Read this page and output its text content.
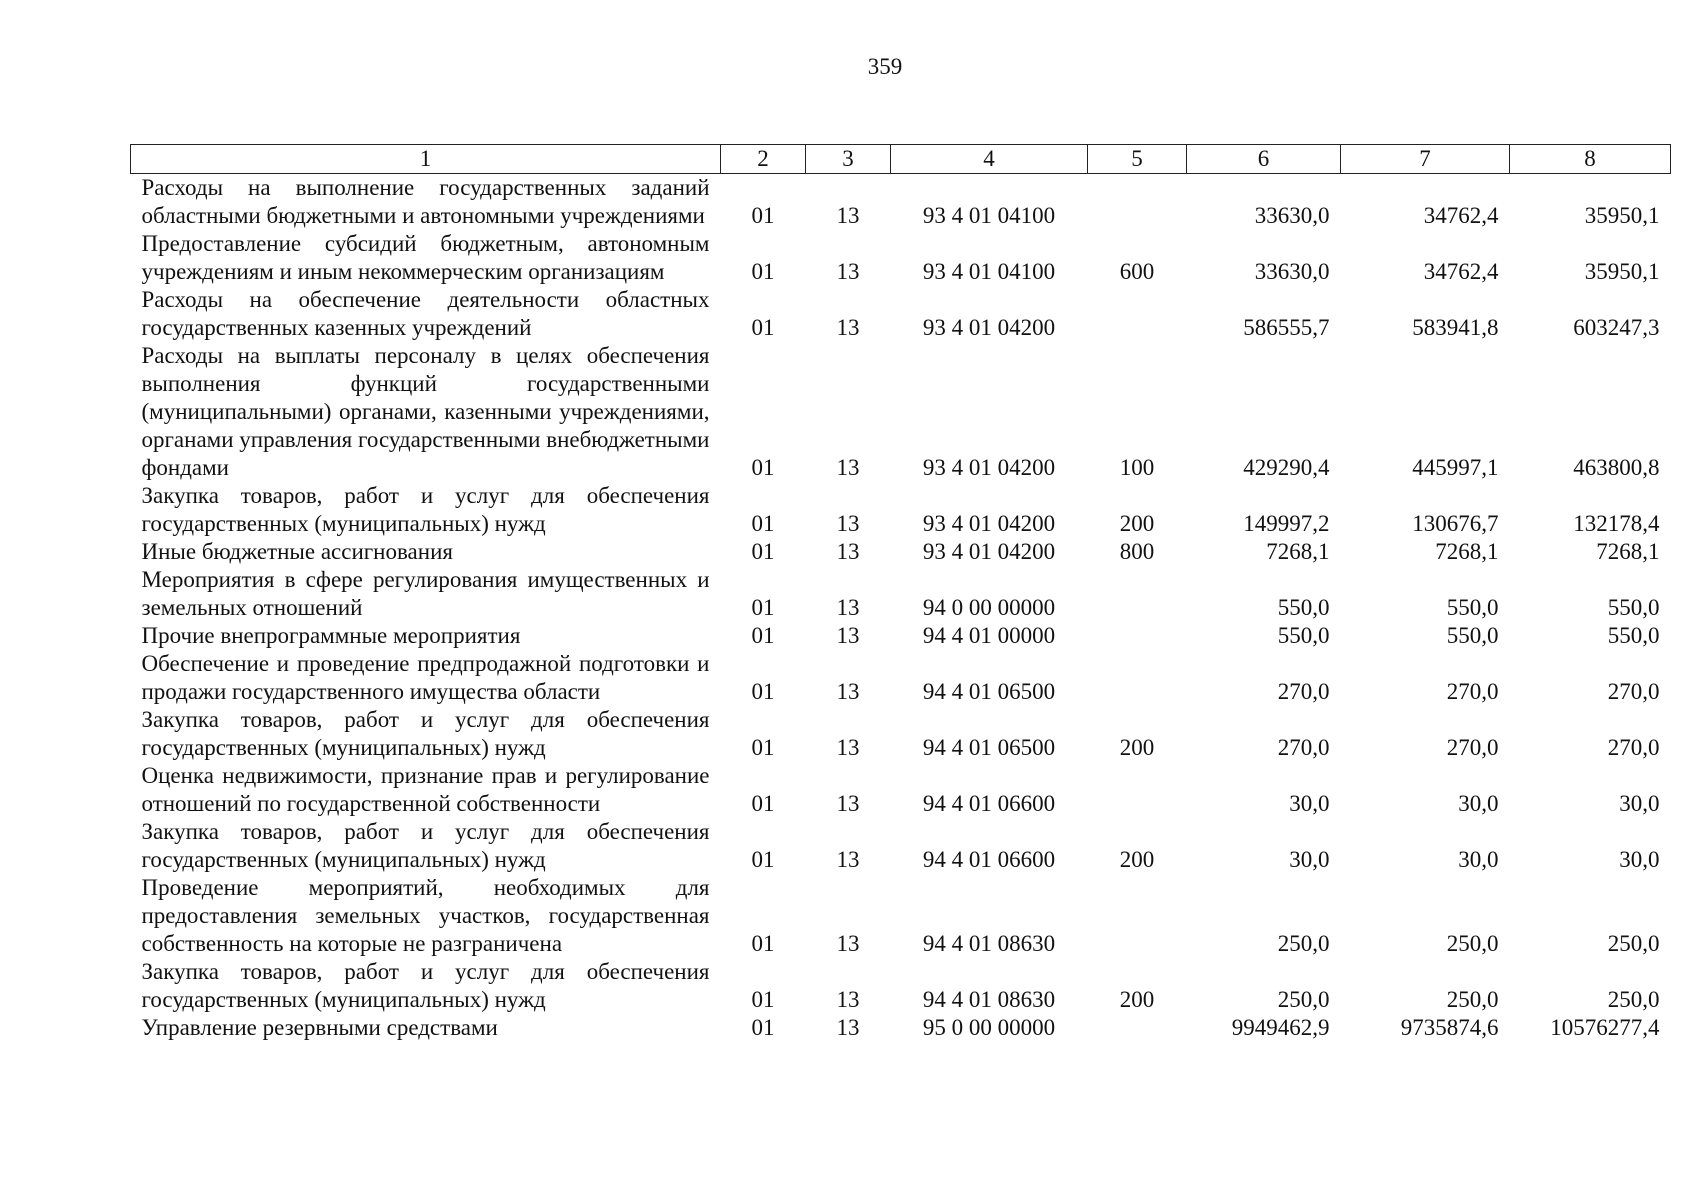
359
1	2	3	4	5	6	7	8
Расходы на выполнение государственных заданий областными бюджетными и автономными учреждениями	01	13	93 4 01 04100		33630,0	34762,4	35950,1
Предоставление субсидий бюджетным, автономным учреждениям и иным некоммерческим организациям	01	13	93 4 01 04100	600	33630,0	34762,4	35950,1
Расходы на обеспечение деятельности областных государственных казенных учреждений	01	13	93 4 01 04200		586555,7	583941,8	603247,3
Расходы на выплаты персоналу в целях обеспечения выполнения функций государственными (муниципальными) органами, казенными учреждениями, органами управления государственными внебюджетными фондами	01	13	93 4 01 04200	100	429290,4	445997,1	463800,8
Закупка товаров, работ и услуг для обеспечения государственных (муниципальных) нужд	01	13	93 4 01 04200	200	149997,2	130676,7	132178,4
Иные бюджетные ассигнования	01	13	93 4 01 04200	800	7268,1	7268,1	7268,1
Мероприятия в сфере регулирования имущественных и земельных отношений	01	13	94 0 00 00000		550,0	550,0	550,0
Прочие внепрограммные мероприятия	01	13	94 4 01 00000		550,0	550,0	550,0
Обеспечение и проведение предпродажной подготовки и продажи государственного имущества области	01	13	94 4 01 06500		270,0	270,0	270,0
Закупка товаров, работ и услуг для обеспечения государственных (муниципальных) нужд	01	13	94 4 01 06500	200	270,0	270,0	270,0
Оценка недвижимости, признание прав и регулирование отношений по государственной собственности	01	13	94 4 01 06600		30,0	30,0	30,0
Закупка товаров, работ и услуг для обеспечения государственных (муниципальных) нужд	01	13	94 4 01 06600	200	30,0	30,0	30,0
Проведение мероприятий, необходимых для предоставления земельных участков, государственная собственность на которые не разграничена	01	13	94 4 01 08630		250,0	250,0	250,0
Закупка товаров, работ и услуг для обеспечения государственных (муниципальных) нужд	01	13	94 4 01 08630	200	250,0	250,0	250,0
Управление резервными средствами	01	13	95 0 00 00000		9949462,9	9735874,6	10576277,4
